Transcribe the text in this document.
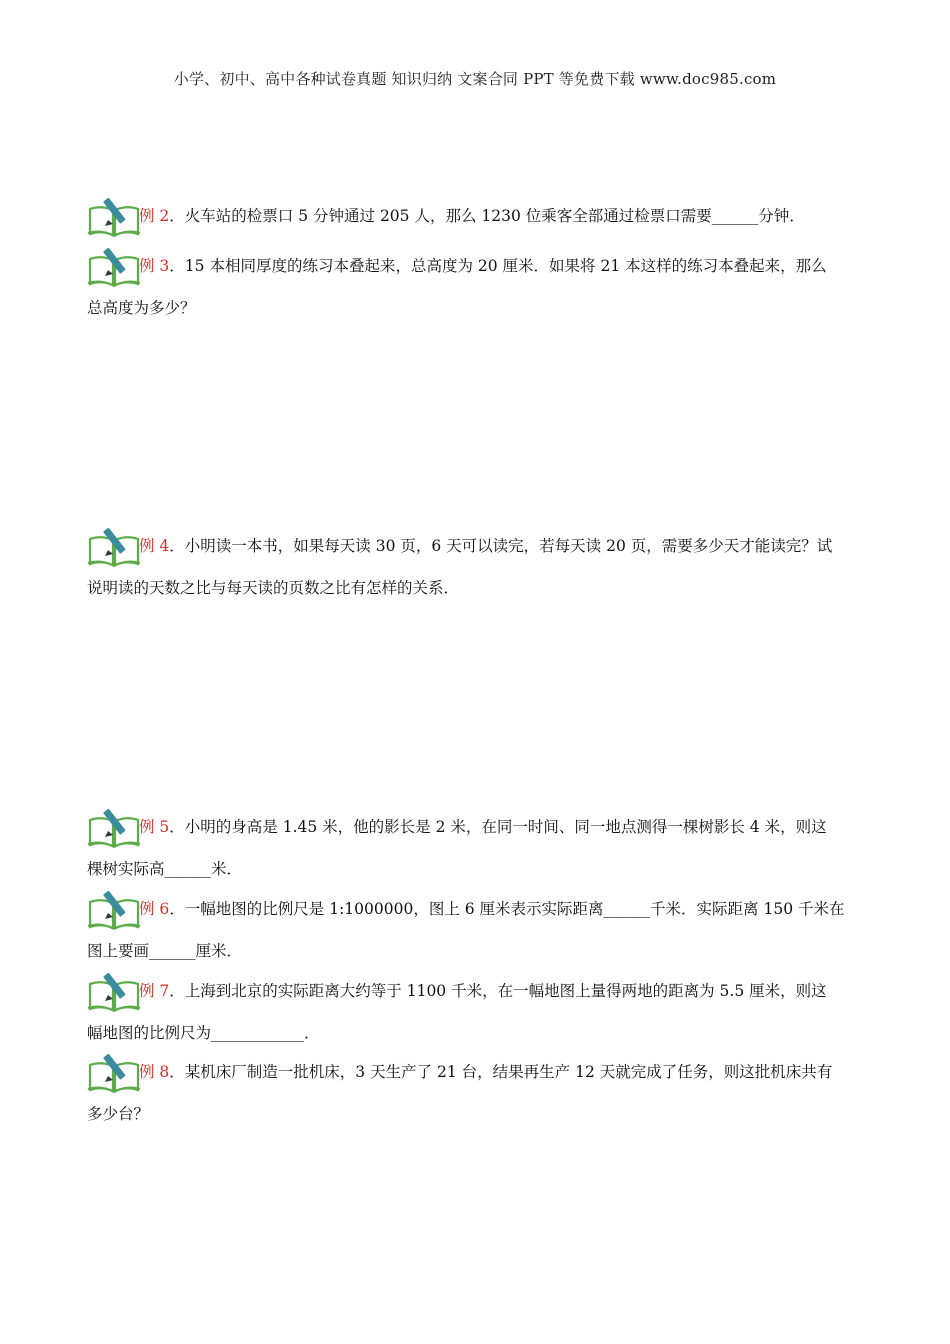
小学、初中、高中各种试卷真题 知识归纳 文案合同 PPT 等免费下载 www.doc985.com
例 2．火车站的检票口 5 分钟通过 205 人，那么 1230 位乘客全部通过检票口需要______分钟．
例 3．15 本相同厚度的练习本叠起来，总高度为 20 厘米．如果将 21 本这样的练习本叠起来，那么
总高度为多少？
例 4．小明读一本书，如果每天读 30 页，6 天可以读完，若每天读 20 页，需要多少天才能读完？试
说明读的天数之比与每天读的页数之比有怎样的关系．
例 5．小明的身高是 1.45 米，他的影长是 2 米，在同一时间、同一地点测得一棵树影长 4 米，则这
棵树实际高______米．
例 6．一幅地图的比例尺是 1:1000000，图上 6 厘米表示实际距离______千米．实际距离 150 千米在
图上要画______厘米．
例 7．上海到北京的实际距离大约等于 1100 千米，在一幅地图上量得两地的距离为 5.5 厘米，则这
幅地图的比例尺为____________．
例 8．某机床厂制造一批机床，3 天生产了 21 台，结果再生产 12 天就完成了任务，则这批机床共有
多少台？
